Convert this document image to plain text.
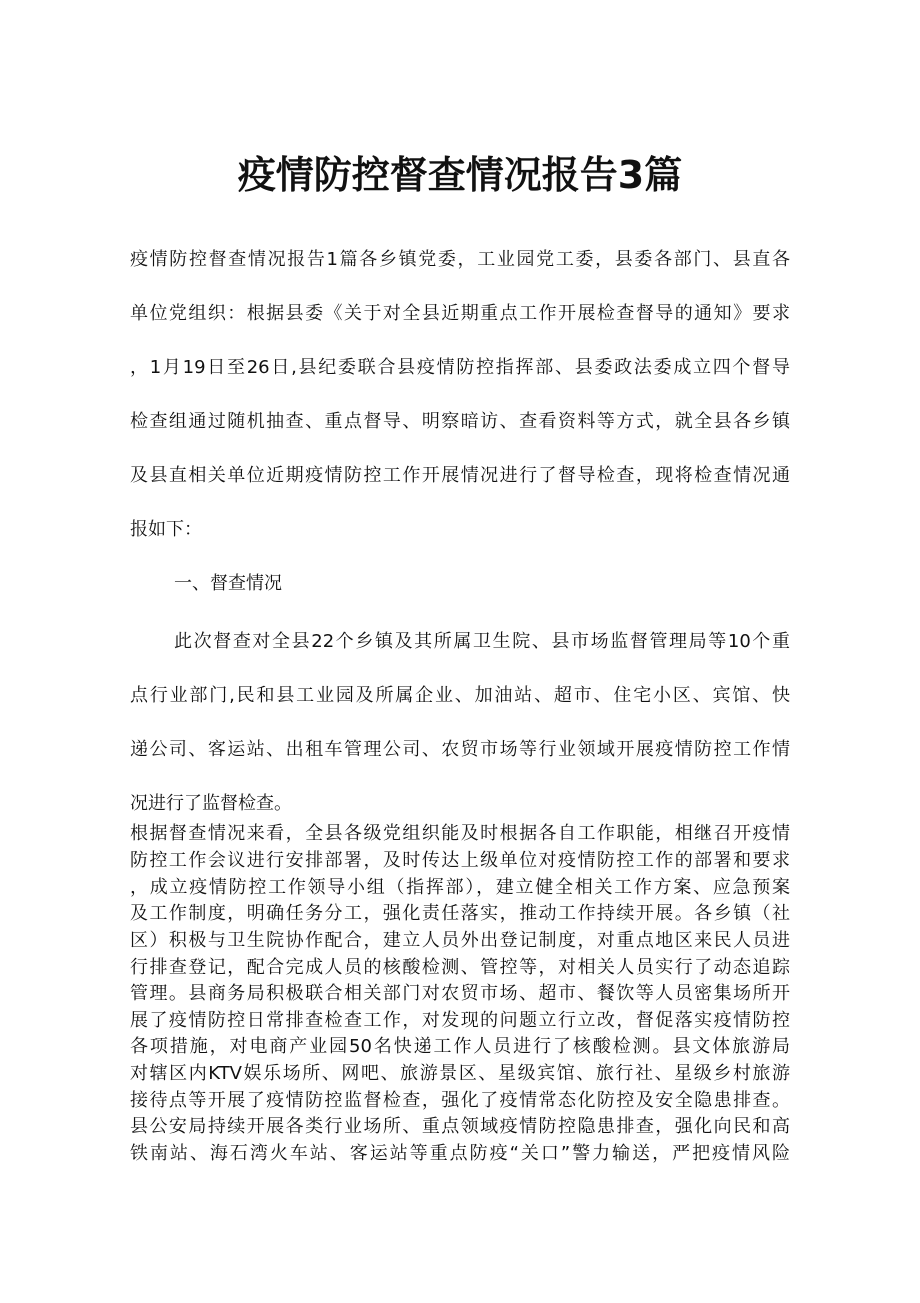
疫情防控督查情况报告3篇

疫情防控督查情况报告1篇各乡镇党委，工业园党工委，县委各部门、县直各

单位党组织：根据县委《关于对全县近期重点工作开展检查督导的通知》要求

，1月19日至26日,县纪委联合县疫情防控指挥部、县委政法委成立四个督导

检查组通过随机抽查、重点督导、明察暗访、查看资料等方式，就全县各乡镇

及县直相关单位近期疫情防控工作开展情况进行了督导检查，现将检查情况通

报如下：

一、督查情况

此次督查对全县22个乡镇及其所属卫生院、县市场监督管理局等10个重

点行业部门,民和县工业园及所属企业、加油站、超市、住宅小区、宾馆、快

递公司、客运站、出租车管理公司、农贸市场等行业领域开展疫情防控工作情

况进行了监督检查。

根据督查情况来看，全县各级党组织能及时根据各自工作职能，相继召开疫情

防控工作会议进行安排部署，及时传达上级单位对疫情防控工作的部署和要求

，成立疫情防控工作领导小组（指挥部），建立健全相关工作方案、应急预案

及工作制度，明确任务分工，强化责任落实，推动工作持续开展。各乡镇（社

区）积极与卫生院协作配合，建立人员外出登记制度，对重点地区来民人员进

行排查登记，配合完成人员的核酸检测、管控等，对相关人员实行了动态追踪

管理。县商务局积极联合相关部门对农贸市场、超市、餐饮等人员密集场所开

展了疫情防控日常排查检查工作，对发现的问题立行立改，督促落实疫情防控

各项措施，对电商产业园50名快递工作人员进行了核酸检测。县文体旅游局

对辖区内KTV娱乐场所、网吧、旅游景区、星级宾馆、旅行社、星级乡村旅游

接待点等开展了疫情防控监督检查，强化了疫情常态化防控及安全隐患排查。

县公安局持续开展各类行业场所、重点领域疫情防控隐患排查，强化向民和高

铁南站、海石湾火车站、客运站等重点防疫“关口”警力输送，严把疫情风险
